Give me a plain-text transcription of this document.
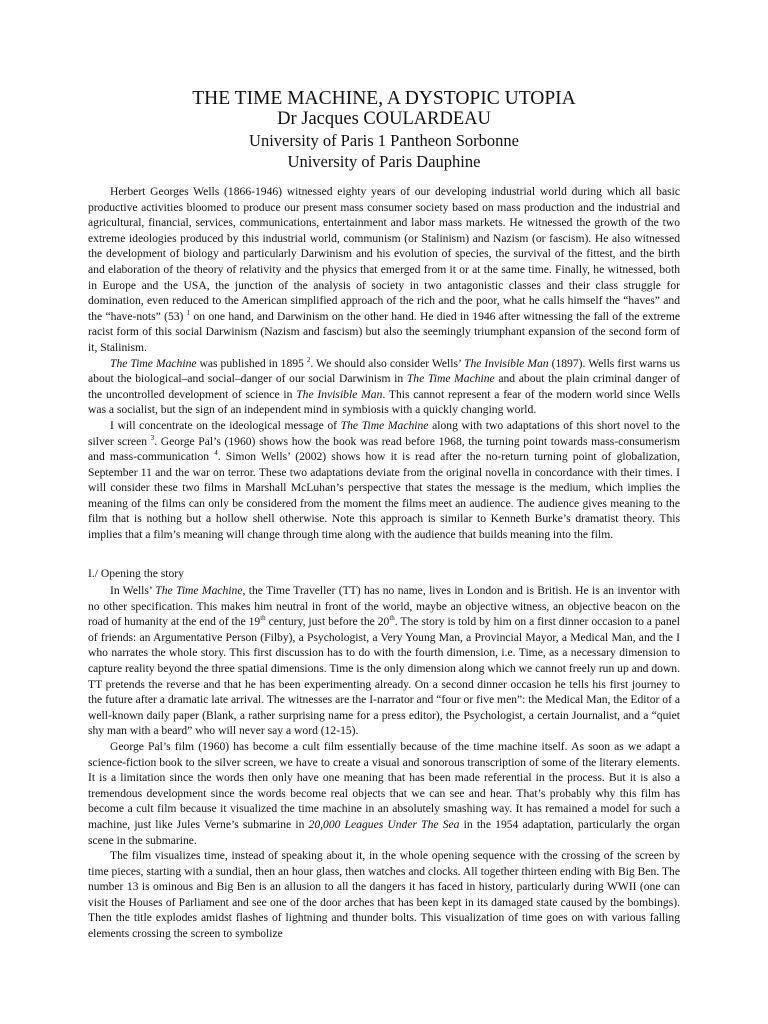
THE TIME MACHINE, A DYSTOPIC UTOPIA
Dr Jacques COULARDEAU
University of Paris 1 Pantheon Sorbonne
University of Paris Dauphine

Herbert Georges Wells (1866-1946) witnessed eighty years of our developing industrial world during which all basic productive activities bloomed to produce our present mass consumer society based on mass production and the industrial and agricultural, financial, services, communications, entertainment and labor mass markets. He witnessed the growth of the two extreme ideologies produced by this industrial world, communism (or Stalinism) and Nazism (or fascism). He also witnessed the development of biology and particularly Darwinism and his evolution of species, the survival of the fittest, and the birth and elaboration of the theory of relativity and the physics that emerged from it or at the same time. Finally, he witnessed, both in Europe and the USA, the junction of the analysis of society in two antagonistic classes and their class struggle for domination, even reduced to the American simplified approach of the rich and the poor, what he calls himself the “haves” and the “have-nots” (53) $^1$ on one hand, and Darwinism on the other hand. He died in 1946 after witnessing the fall of the extreme racist form of this social Darwinism (Nazism and fascism) but also the seemingly triumphant expansion of the second form of it, Stalinism.

The Time Machine was published in 1895 $^2$. We should also consider Wells’ The Invisible Man (1897). Wells first warns us about the biological–and social–danger of our social Darwinism in The Time Machine and about the plain criminal danger of the uncontrolled development of science in The Invisible Man. This cannot represent a fear of the modern world since Wells was a socialist, but the sign of an independent mind in symbiosis with a quickly changing world.

I will concentrate on the ideological message of The Time Machine along with two adaptations of this short novel to the silver screen $^3$. George Pal’s (1960) shows how the book was read before 1968, the turning point towards mass-consumerism and mass-communication $^4$. Simon Wells’ (2002) shows how it is read after the no-return turning point of globalization, September 11 and the war on terror. These two adaptations deviate from the original novella in concordance with their times. I will consider these two films in Marshall McLuhan’s perspective that states the message is the medium, which implies the meaning of the films can only be considered from the moment the films meet an audience. The audience gives meaning to the film that is nothing but a hollow shell otherwise. Note this approach is similar to Kenneth Burke’s dramatist theory. This implies that a film’s meaning will change through time along with the audience that builds meaning into the film.

I./ Opening the story

In Wells’ The Time Machine, the Time Traveller (TT) has no name, lives in London and is British. He is an inventor with no other specification. This makes him neutral in front of the world, maybe an objective witness, an objective beacon on the road of humanity at the end of the 19th century, just before the 20th. The story is told by him on a first dinner occasion to a panel of friends: an Argumentative Person (Filby), a Psychologist, a Very Young Man, a Provincial Mayor, a Medical Man, and the I who narrates the whole story. This first discussion has to do with the fourth dimension, i.e. Time, as a necessary dimension to capture reality beyond the three spatial dimensions. Time is the only dimension along which we cannot freely run up and down. TT pretends the reverse and that he has been experimenting already. On a second dinner occasion he tells his first journey to the future after a dramatic late arrival. The witnesses are the I-narrator and “four or five men”: the Medical Man, the Editor of a well-known daily paper (Blank, a rather surprising name for a press editor), the Psychologist, a certain Journalist, and a “quiet shy man with a beard” who will never say a word (12-15).

George Pal’s film (1960) has become a cult film essentially because of the time machine itself. As soon as we adapt a science-fiction book to the silver screen, we have to create a visual and sonorous transcription of some of the literary elements. It is a limitation since the words then only have one meaning that has been made referential in the process. But it is also a tremendous development since the words become real objects that we can see and hear. That’s probably why this film has become a cult film because it visualized the time machine in an absolutely smashing way. It has remained a model for such a machine, just like Jules Verne’s submarine in 20,000 Leagues Under The Sea in the 1954 adaptation, particularly the organ scene in the submarine.

The film visualizes time, instead of speaking about it, in the whole opening sequence with the crossing of the screen by time pieces, starting with a sundial, then an hour glass, then watches and clocks. All together thirteen ending with Big Ben. The number 13 is ominous and Big Ben is an allusion to all the dangers it has faced in history, particularly during WWII (one can visit the Houses of Parliament and see one of the door arches that has been kept in its damaged state caused by the bombings). Then the title explodes amidst flashes of lightning and thunder bolts. This visualization of time goes on with various falling elements crossing the screen to symbolize
